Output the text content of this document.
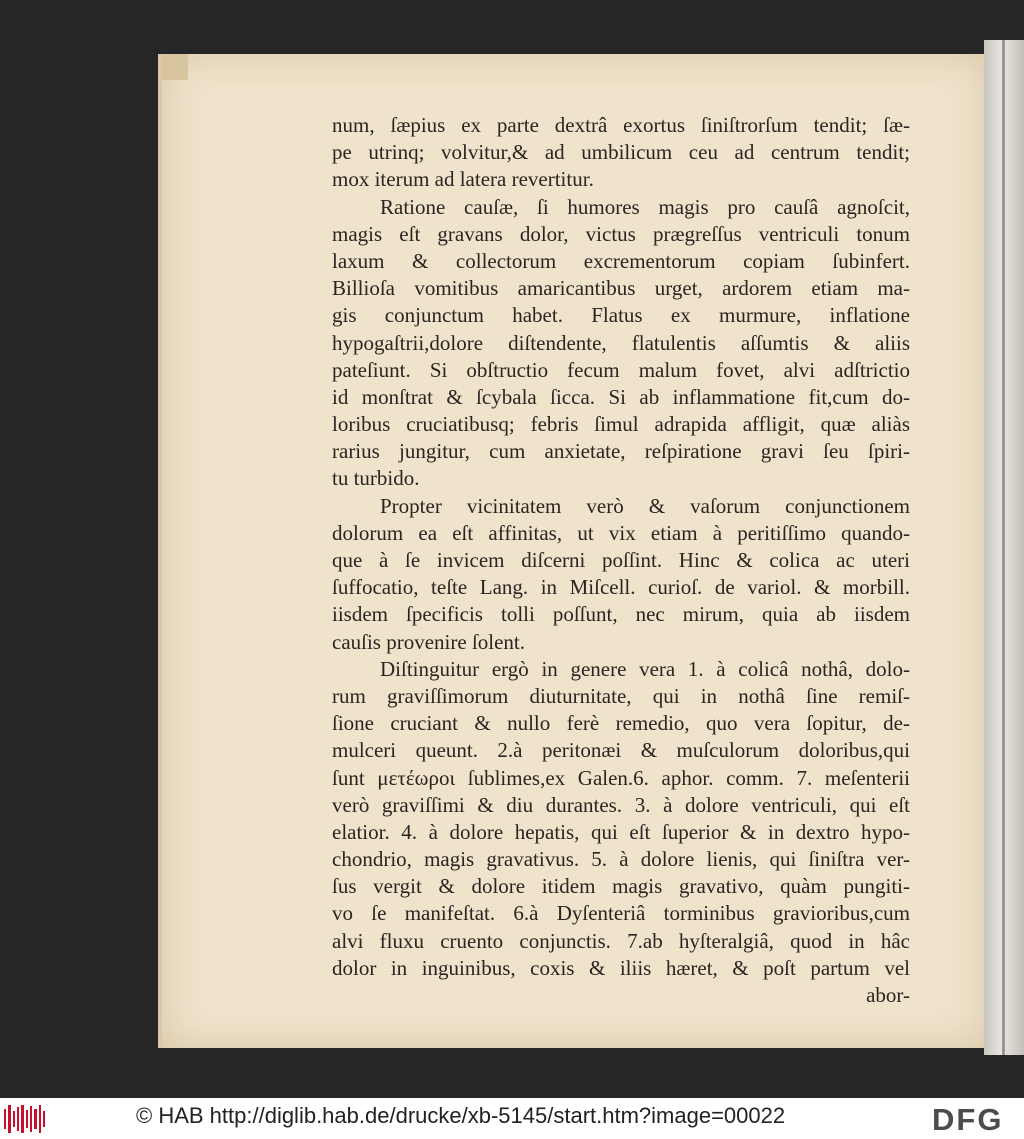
num, ſæpius ex parte dextrâ exortus ſiniſtrorſum tendit; ſæ-
pe utrinq; volvitur,& ad umbilicum ceu ad centrum tendit;
mox iterum ad latera revertitur.
Ratione cauſæ, ſi humores magis pro cauſâ agnoſcit,
magis eſt gravans dolor, victus prægreſſus ventriculi tonum
laxum & collectorum excrementorum copiam ſubinfert.
Billioſa vomitibus amaricantibus urget, ardorem etiam ma-
gis conjunctum habet. Flatus ex murmure, inflatione
hypogaſtrii,dolore diſtendente, flatulentis aſſumtis & aliis
pateſiunt. Si obſtructio fecum malum fovet, alvi adſtrictio
id monſtrat & ſcybala ſicca. Si ab inflammatione fit,cum do-
loribus cruciatibusq; febris ſimul adrapida affligit, quæ aliàs
rarius jungitur, cum anxietate, reſpiratione gravi ſeu ſpiri-
tu turbido.
Propter vicinitatem verò & vaſorum conjunctionem
dolorum ea eſt affinitas, ut vix etiam à peritiſſimo quando-
que à ſe invicem diſcerni poſſint. Hinc & colica ac uteri
ſuffocatio, teſte Lang. in Miſcell. curioſ. de variol. & morbill.
iisdem ſpecificis tolli poſſunt, nec mirum, quia ab iisdem
cauſis provenire ſolent.
Diſtinguitur ergò in genere vera 1. à colicâ nothâ, dolo-
rum graviſſimorum diuturnitate, qui in nothâ ſine remiſ-
ſione cruciant & nullo ferè remedio, quo vera ſopitur, de-
mulceri queunt. 2.à peritonæi & muſculorum doloribus,qui
ſunt μετέωροι ſublimes,ex Galen.6. aphor. comm. 7. meſenterii
verò graviſſimi & diu durantes. 3. à dolore ventriculi, qui eſt
elatior. 4. à dolore hepatis, qui eſt ſuperior & in dextro hypo-
chondrio, magis gravativus. 5. à dolore lienis, qui ſiniſtra ver-
ſus vergit & dolore itidem magis gravativo, quàm pungiti-
vo ſe manifeſtat. 6.à Dyſenteriâ torminibus gravioribus,cum
alvi fluxu cruento conjunctis. 7.ab hyſteralgiâ, quod in hâc
dolor in inguinibus, coxis & iliis hæret, & poſt partum vel
abor-
© HAB http://diglib.hab.de/drucke/xb-5145/start.htm?image=00022	DFG
